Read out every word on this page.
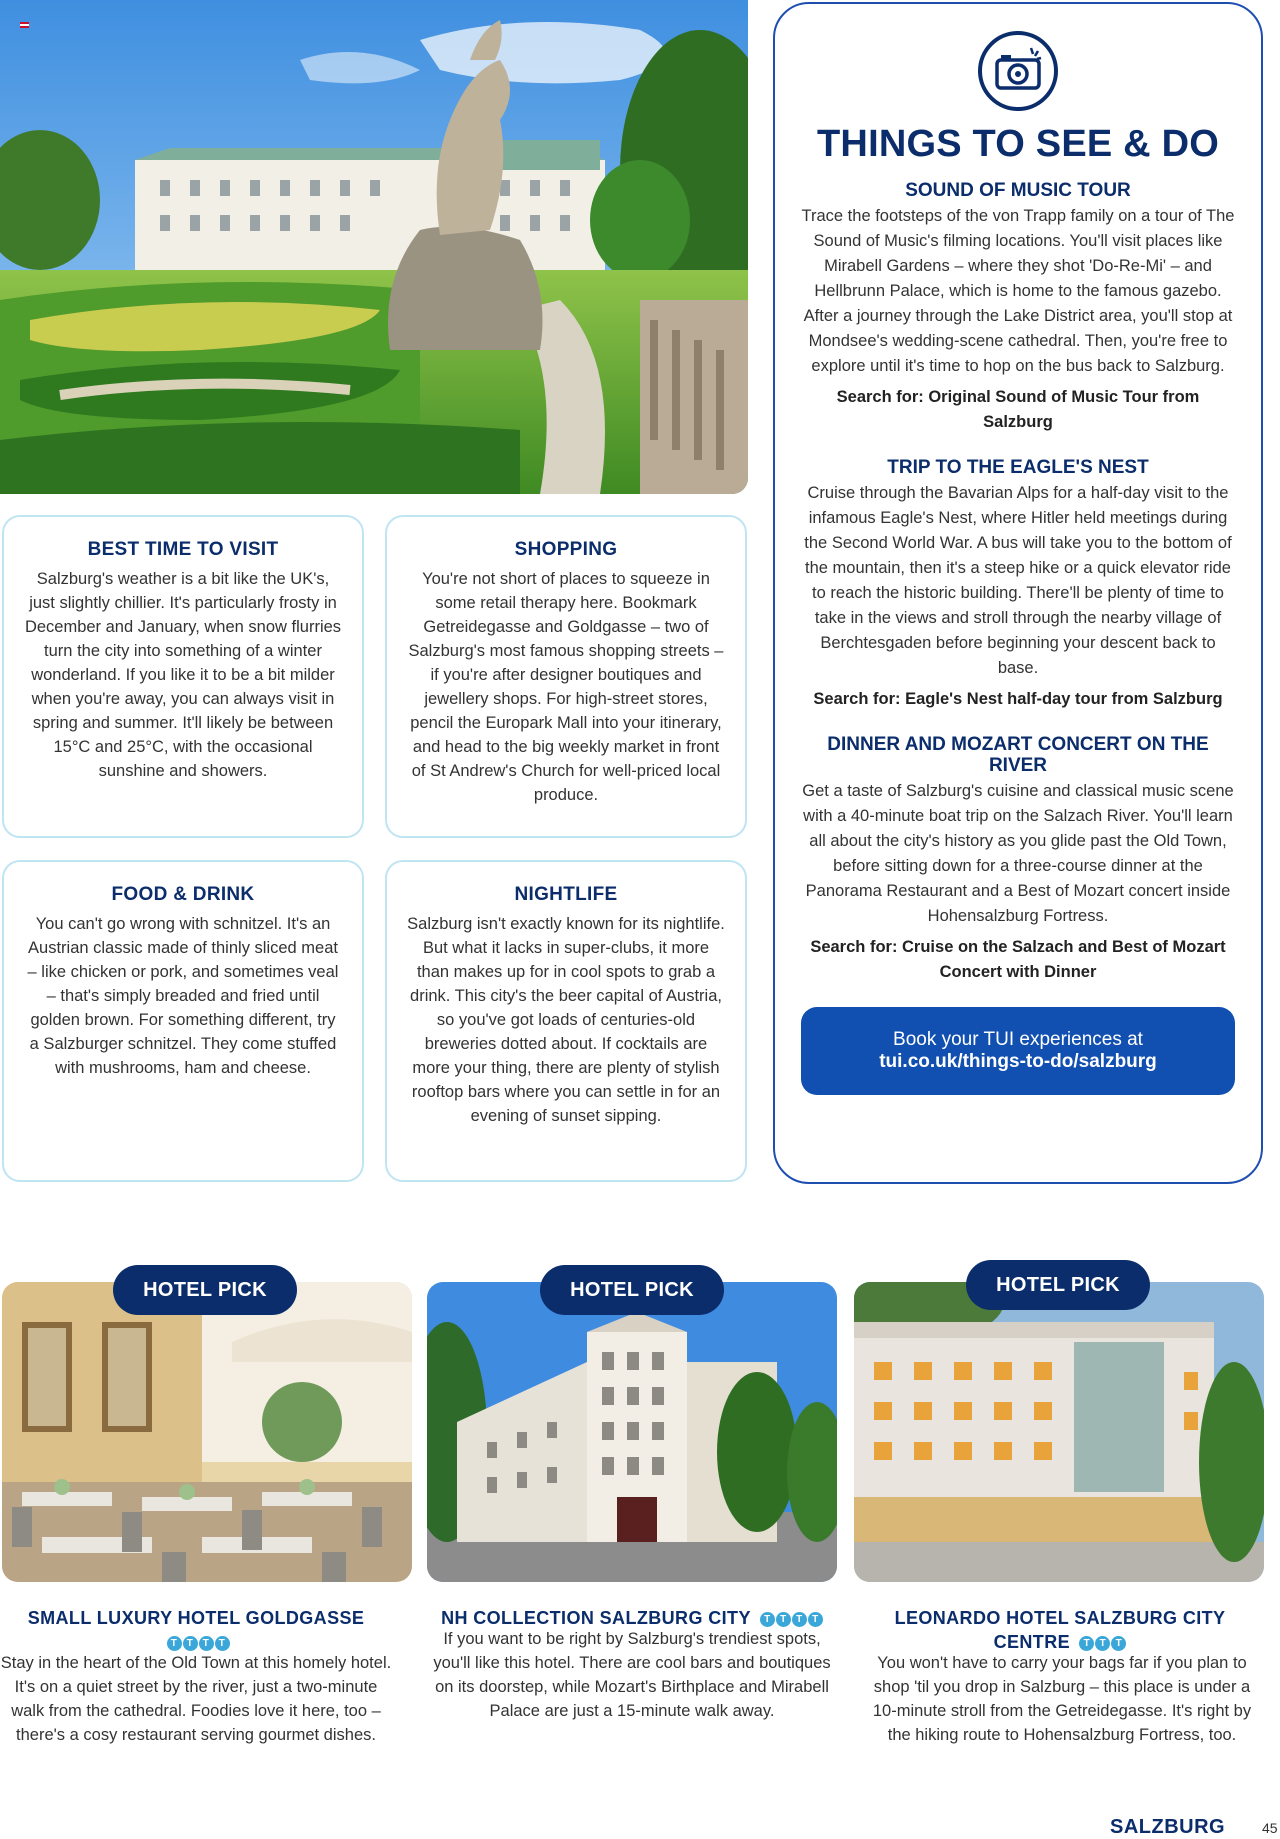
BEST TIME TO VISIT

Salzburg's weather is a bit like the UK's, just slightly chillier. It's particularly frosty in December and January, when snow flurries turn the city into something of a winter wonderland. If you like it to be a bit milder when you're away, you can always visit in spring and summer. It'll likely be between 15°C and 25°C, with the occasional sunshine and showers.

SHOPPING

You're not short of places to squeeze in some retail therapy here. Bookmark Getreidegasse and Goldgasse – two of Salzburg's most famous shopping streets – if you're after designer boutiques and jewellery shops. For high-street stores, pencil the Europark Mall into your itinerary, and head to the big weekly market in front of St Andrew's Church for well-priced local produce.

FOOD & DRINK

You can't go wrong with schnitzel. It's an Austrian classic made of thinly sliced meat – like chicken or pork, and sometimes veal – that's simply breaded and fried until golden brown. For something different, try a Salzburger schnitzel. They come stuffed with mushrooms, ham and cheese.

NIGHTLIFE

Salzburg isn't exactly known for its nightlife. But what it lacks in super-clubs, it more than makes up for in cool spots to grab a drink. This city's the beer capital of Austria, so you've got loads of centuries-old breweries dotted about. If cocktails are more your thing, there are plenty of stylish rooftop bars where you can settle in for an evening of sunset sipping.

THINGS TO SEE & DO
SOUND OF MUSIC TOUR

Trace the footsteps of the von Trapp family on a tour of The Sound of Music's filming locations. You'll visit places like Mirabell Gardens – where they shot 'Do-Re-Mi' – and Hellbrunn Palace, which is home to the famous gazebo. After a journey through the Lake District area, you'll stop at Mondsee's wedding-scene cathedral. Then, you're free to explore until it's time to hop on the bus back to Salzburg.

Search for: Original Sound of Music Tour from Salzburg

TRIP TO THE EAGLE'S NEST

Cruise through the Bavarian Alps for a half-day visit to the infamous Eagle's Nest, where Hitler held meetings during the Second World War. A bus will take you to the bottom of the mountain, then it's a steep hike or a quick elevator ride to reach the historic building. There'll be plenty of time to take in the views and stroll through the nearby village of Berchtesgaden before beginning your descent back to base.

Search for: Eagle's Nest half-day tour from Salzburg

DINNER AND MOZART CONCERT ON THE RIVER

Get a taste of Salzburg's cuisine and classical music scene with a 40-minute boat trip on the Salzach River. You'll learn all about the city's history as you glide past the Old Town, before sitting down for a three-course dinner at the Panorama Restaurant and a Best of Mozart concert inside Hohensalzburg Fortress.

Search for: Cruise on the Salzach and Best of Mozart Concert with Dinner

Book your TUI experiences at
tui.co.uk/things-to-do/salzburg
HOTEL PICK
SMALL LUXURY HOTEL GOLDGASSE

T T T T

Stay in the heart of the Old Town at this homely hotel. It's on a quiet street by the river, just a two-minute walk from the cathedral. Foodies love it here, too – there's a cosy restaurant serving gourmet dishes.

HOTEL PICK
NH COLLECTION SALZBURG CITY	T T T T

If you want to be right by Salzburg's trendiest spots, you'll like this hotel. There are cool bars and boutiques on its doorstep, while Mozart's Birthplace and Mirabell Palace are just a 15-minute walk away.

HOTEL PICK
LEONARDO HOTEL SALZBURG CITY
CENTRE	T T T

You won't have to carry your bags far if you plan to shop 'til you drop in Salzburg – this place is under a 10-minute stroll from the Getreidegasse. It's right by the hiking route to Hohensalzburg Fortress, too.

SALZBURG	45
